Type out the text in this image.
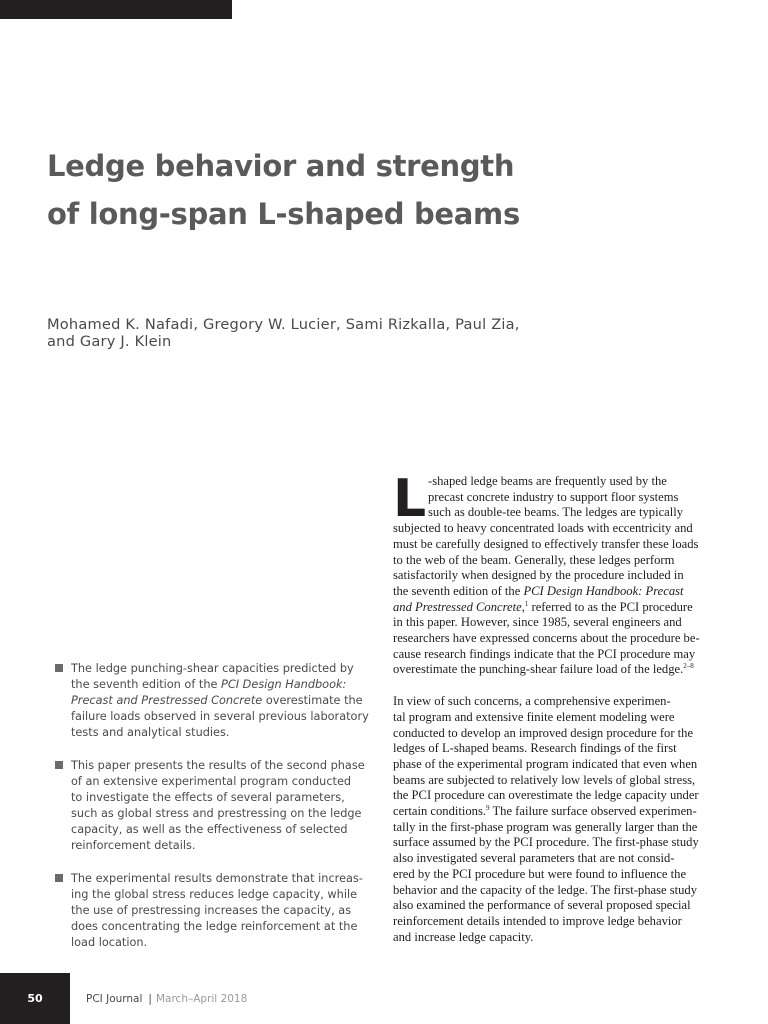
Ledge behavior and strength
of long-span L-shaped beams
Mohamed K. Nafadi, Gregory W. Lucier, Sami Rizkalla, Paul Zia,
and Gary J. Klein
The ledge punching-shear capacities predicted by
the seventh edition of the PCI Design Handbook:
Precast and Prestressed Concrete overestimate the
failure loads observed in several previous laboratory
tests and analytical studies.
This paper presents the results of the second phase
of an extensive experimental program conducted
to investigate the effects of several parameters,
such as global stress and prestressing on the ledge
capacity, as well as the effectiveness of selected
reinforcement details.
The experimental results demonstrate that increas-
ing the global stress reduces ledge capacity, while
the use of prestressing increases the capacity, as
does concentrating the ledge reinforcement at the
load location.
L -shaped ledge beams are frequently used by the
precast concrete industry to support floor systems
such as double-tee beams. The ledges are typically
subjected to heavy concentrated loads with eccentricity and
must be carefully designed to effectively transfer these loads
to the web of the beam. Generally, these ledges perform
satisfactorily when designed by the procedure included in
the seventh edition of the PCI Design Handbook: Precast
and Prestressed Concrete,$^1$ referred to as the PCI procedure
in this paper. However, since 1985, several engineers and
researchers have expressed concerns about the procedure be-
cause research findings indicate that the PCI procedure may
overestimate the punching-shear failure load of the ledge.$^{2-8}$
In view of such concerns, a comprehensive experimen-
tal program and extensive finite element modeling were
conducted to develop an improved design procedure for the
ledges of L-shaped beams. Research findings of the first
phase of the experimental program indicated that even when
beams are subjected to relatively low levels of global stress,
the PCI procedure can overestimate the ledge capacity under
certain conditions.$^9$ The failure surface observed experimen-
tally in the first-phase program was generally larger than the
surface assumed by the PCI procedure. The first-phase study
also investigated several parameters that are not consid-
ered by the PCI procedure but were found to influence the
behavior and the capacity of the ledge. The first-phase study
also examined the performance of several proposed special
reinforcement details intended to improve ledge behavior
and increase ledge capacity.
50	PCI Journal | March–April 2018
